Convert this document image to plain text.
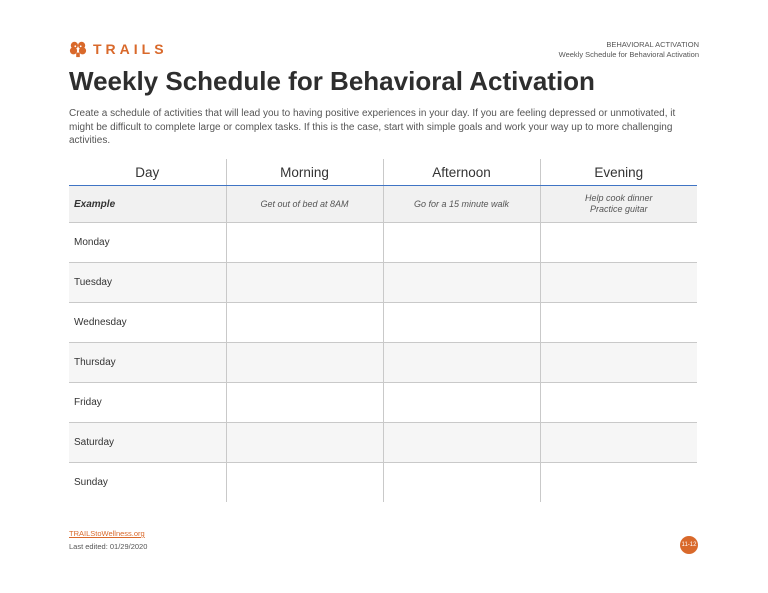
TRAILS	BEHAVIORAL ACTIVATION
Weekly Schedule for Behavioral Activation
Weekly Schedule for Behavioral Activation

Create a schedule of activities that will lead you to having positive experiences in your day. If you are feeling depressed or unmotivated, it might be difficult to complete large or complex tasks. If this is the case, start with simple goals and work your way up to more challenging activities.

Day	Morning	Afternoon	Evening
Example	Get out of bed at 8AM	Go for a 15 minute walk	Help cook dinner
Practice guitar

Monday			
Tuesday			
Wednesday			
Thursday			
Friday			
Saturday			
Sunday			
TRAILStoWellness.org
Last edited: 01/29/2020	11-12
